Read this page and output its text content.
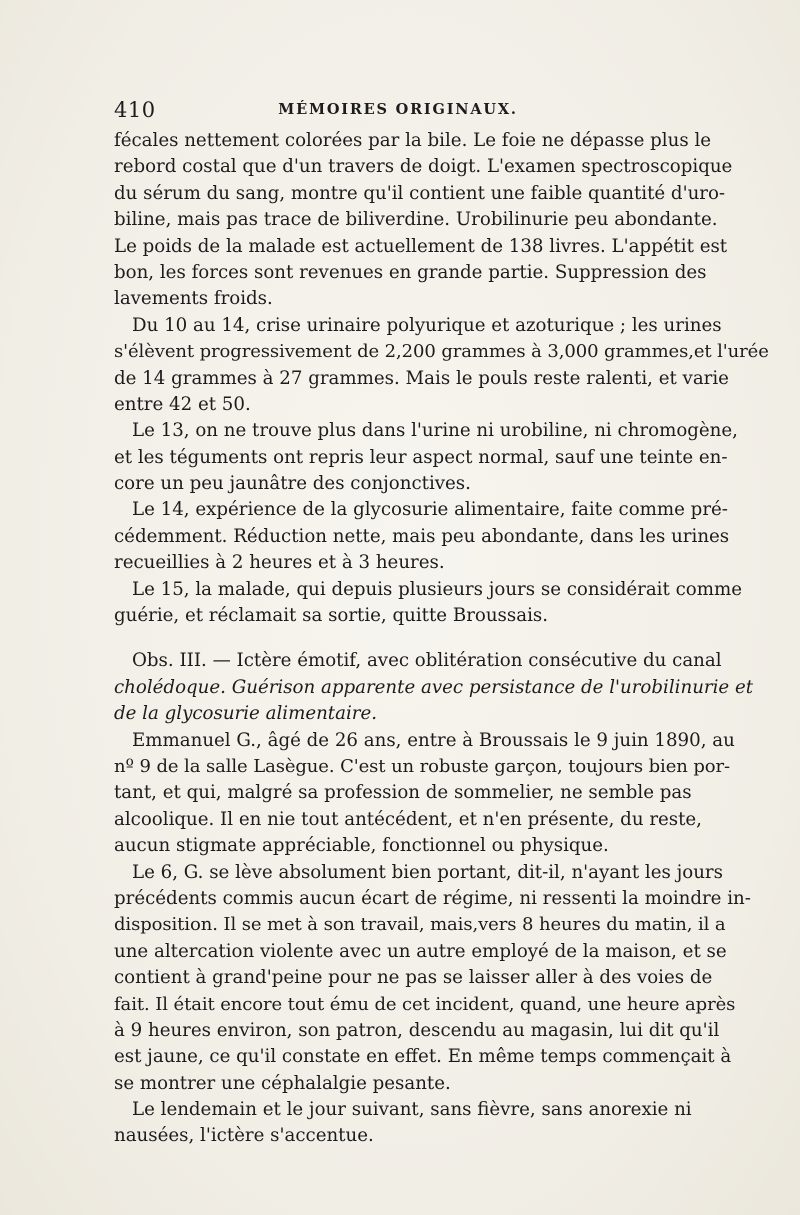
410	MÉMOIRES ORIGINAUX.
fécales nettement colorées par la bile. Le foie ne dépasse plus le
rebord costal que d'un travers de doigt. L'examen spectroscopique
du sérum du sang, montre qu'il contient une faible quantité d'uro-
biline, mais pas trace de biliverdine. Urobilinurie peu abondante.
Le poids de la malade est actuellement de 138 livres. L'appétit est
bon, les forces sont revenues en grande partie. Suppression des
lavements froids.
Du 10 au 14, crise urinaire polyurique et azoturique ; les urines
s'élèvent progressivement de 2,200 grammes à 3,000 grammes,et l'urée
de 14 grammes à 27 grammes. Mais le pouls reste ralenti, et varie
entre 42 et 50.
Le 13, on ne trouve plus dans l'urine ni urobiline, ni chromogène,
et les téguments ont repris leur aspect normal, sauf une teinte en-
core un peu jaunâtre des conjonctives.
Le 14, expérience de la glycosurie alimentaire, faite comme pré-
cédemment. Réduction nette, mais peu abondante, dans les urines
recueillies à 2 heures et à 3 heures.
Le 15, la malade, qui depuis plusieurs jours se considérait comme
guérie, et réclamait sa sortie, quitte Broussais.
Obs. III. — Ictère émotif, avec oblitération consécutive du canal
cholédoque. Guérison apparente avec persistance de l'urobilinurie et
de la glycosurie alimentaire.
Emmanuel G., âgé de 26 ans, entre à Broussais le 9 juin 1890, au
nº 9 de la salle Lasègue. C'est un robuste garçon, toujours bien por-
tant, et qui, malgré sa profession de sommelier, ne semble pas
alcoolique. Il en nie tout antécédent, et n'en présente, du reste,
aucun stigmate appréciable, fonctionnel ou physique.
Le 6, G. se lève absolument bien portant, dit-il, n'ayant les jours
précédents commis aucun écart de régime, ni ressenti la moindre in-
disposition. Il se met à son travail, mais,vers 8 heures du matin, il a
une altercation violente avec un autre employé de la maison, et se
contient à grand'peine pour ne pas se laisser aller à des voies de
fait. Il était encore tout ému de cet incident, quand, une heure après
à 9 heures environ, son patron, descendu au magasin, lui dit qu'il
est jaune, ce qu'il constate en effet. En même temps commençait à
se montrer une céphalalgie pesante.
Le lendemain et le jour suivant, sans fièvre, sans anorexie ni
nausées, l'ictère s'accentue.
